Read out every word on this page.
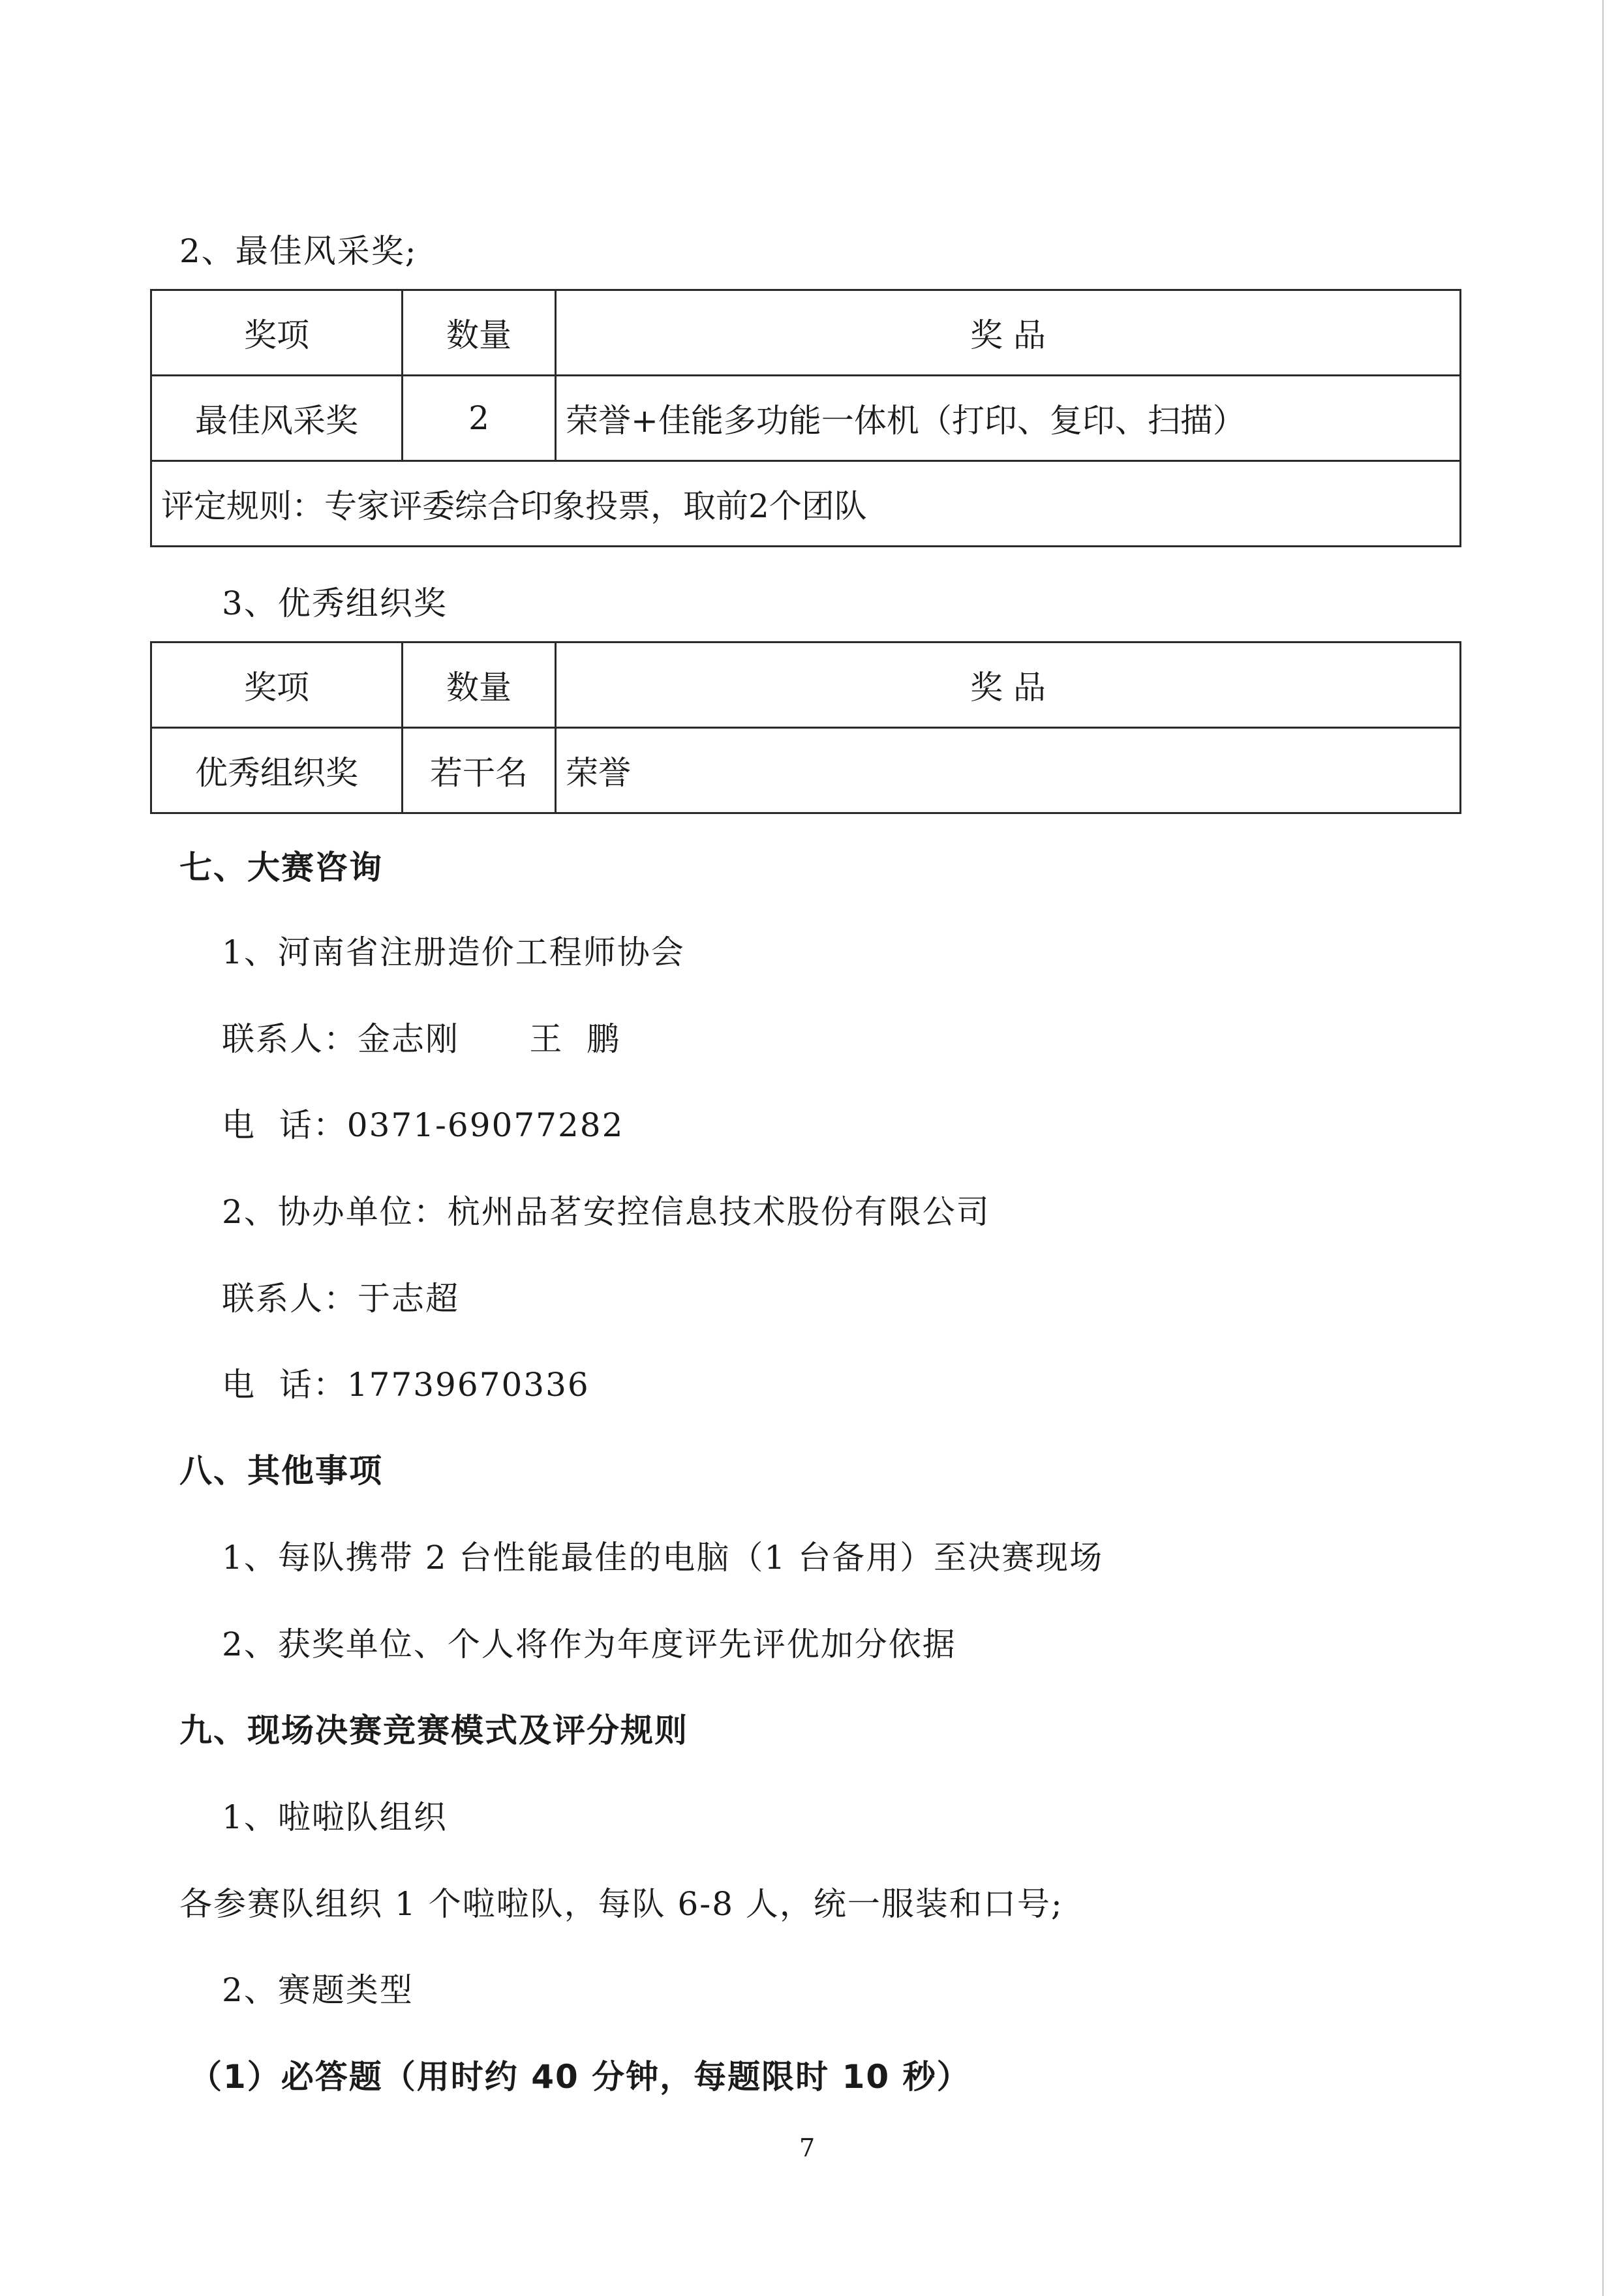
2、最佳风采奖;
奖项	数量	奖 品
最佳风采奖	2	荣誉+佳能多功能一体机（打印、复印、扫描）
评定规则：专家评委综合印象投票，取前2个团队		
3、优秀组织奖
奖项	数量	奖 品
优秀组织奖	若干名	荣誉
七、大赛咨询
1、河南省注册造价工程师协会
联系人：金志刚      王  鹏
电  话：0371-69077282
2、协办单位：杭州品茗安控信息技术股份有限公司
联系人：于志超
电  话：17739670336
八、其他事项
1、每队携带 2 台性能最佳的电脑（1 台备用）至决赛现场
2、获奖单位、个人将作为年度评先评优加分依据
九、现场决赛竞赛模式及评分规则
1、啦啦队组织
各参赛队组织 1 个啦啦队，每队 6-8 人，统一服装和口号;
2、赛题类型
（1）必答题（用时约 40 分钟，每题限时 10 秒）
7
